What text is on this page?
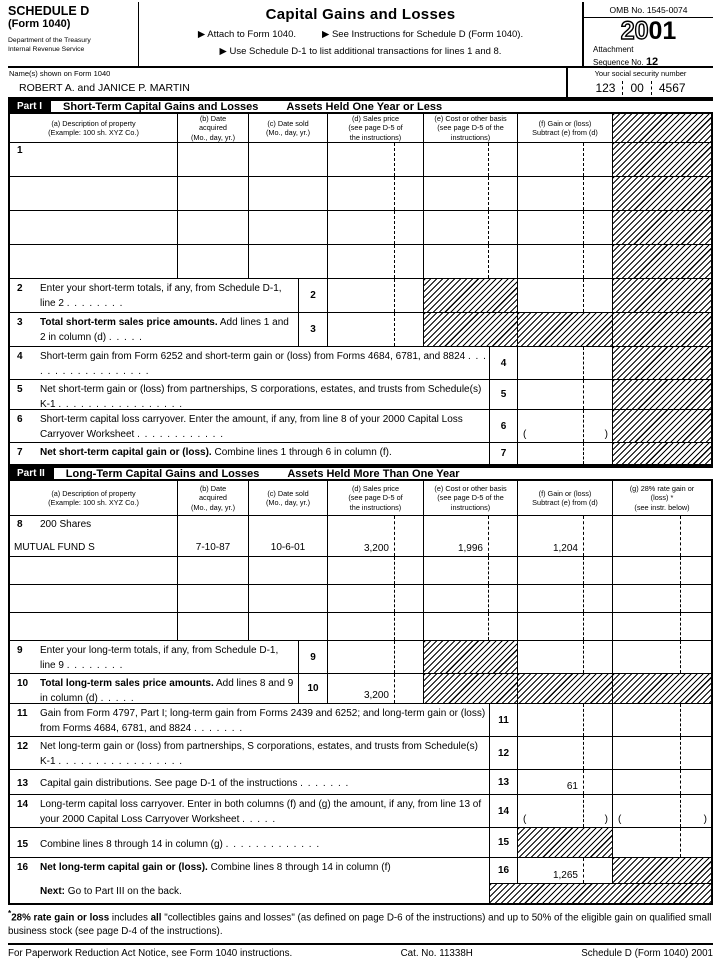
SCHEDULE D
(Form 1040)
Department of the Treasury
Internal Revenue Service
Capital Gains and Losses
▶ Attach to Form 1040.	▶ See Instructions for Schedule D (Form 1040).
▶ Use Schedule D-1 to list additional transactions for lines 1 and 8.
OMB No. 1545-0074
2001
Attachment
Sequence No. 12
Name(s) shown on Form 1040
ROBERT A. and JANICE P. MARTIN
Your social security number
123	00	4567
Part I	Short-Term Capital Gains and Losses	Assets Held One Year or Less
(a) Description of property
(Example: 100 sh. XYZ Co.)
(b) Date
acquired
(Mo., day, yr.)
(c) Date sold
(Mo., day, yr.)
(d) Sales price
(see page D-5 of
the instructions)
(e) Cost or other basis
(see page D-5 of the
instructions)
(f) Gain or (loss)
Subtract (e) from (d)
1
2 Enter your short-term totals, if any, from Schedule D-1, line 2 . . . . . . . .
2
3 Total short-term sales price amounts. Add lines 1 and 2 in column (d) . . . . .
3
4 Short-term gain from Form 6252 and short-term gain or (loss) from Forms 4684, 6781, and 8824 . . . . . . . . . . . . . . . . . .
4
5 Net short-term gain or (loss) from partnerships, S corporations, estates, and trusts from Schedule(s) K-1 . . . . . . . . . . . . . . . . .
5
6 Short-term capital loss carryover. Enter the amount, if any, from line 8 of your 2000 Capital Loss Carryover Worksheet . . . . . . . . . . . .
6
(	)
7 Net short-term capital gain or (loss). Combine lines 1 through 6 in column (f).	7
Part II	Long-Term Capital Gains and Losses	Assets Held More Than One Year
(a) Description of property
(Example: 100 sh. XYZ Co.)
(b) Date
acquired
(Mo., day, yr.)
(c) Date sold
(Mo., day, yr.)
(d) Sales price
(see page D-5 of
the instructions)
(e) Cost or other basis
(see page D-5 of the
instructions)
(f) Gain or (loss)
Subtract (e) from (d)
(g) 28% rate gain or
(loss) *
(see instr. below)
8 200 Shares
MUTUAL FUND S	7-10-87	10-6-01	3,200	1,996	1,204
9 Enter your long-term totals, if any, from Schedule D-1, line 9 . . . . . . . .
9
10 Total long-term sales price amounts. Add lines 8 and 9 in column (d) . . . . .
10
3,200
11 Gain from Form 4797, Part I; long-term gain from Forms 2439 and 6252; and long-term gain or (loss) from Forms 4684, 6781, and 8824 . . . . . . .
11
12 Net long-term gain or (loss) from partnerships, S corporations, estates, and trusts from Schedule(s) K-1 . . . . . . . . . . . . . . . . .
12
13 Capital gain distributions. See page D-1 of the instructions . . . . . . .	13	61
14 Long-term capital loss carryover. Enter in both columns (f) and (g) the amount, if any, from line 13 of your 2000 Capital Loss Carryover Worksheet . . . . .
14
(	) (	)
15 Combine lines 8 through 14 in column (g) . . . . . . . . . . . . .	15
16 Net long-term capital gain or (loss). Combine lines 8 through 14 in column (f)	16	1,265
Next: Go to Part III on the back.
*28% rate gain or loss includes all "collectibles gains and losses" (as defined on page D-6 of the instructions) and up to 50% of the eligible gain on qualified small business stock (see page D-4 of the instructions).
For Paperwork Reduction Act Notice, see Form 1040 instructions.	Cat. No. 11338H	Schedule D (Form 1040) 2001
